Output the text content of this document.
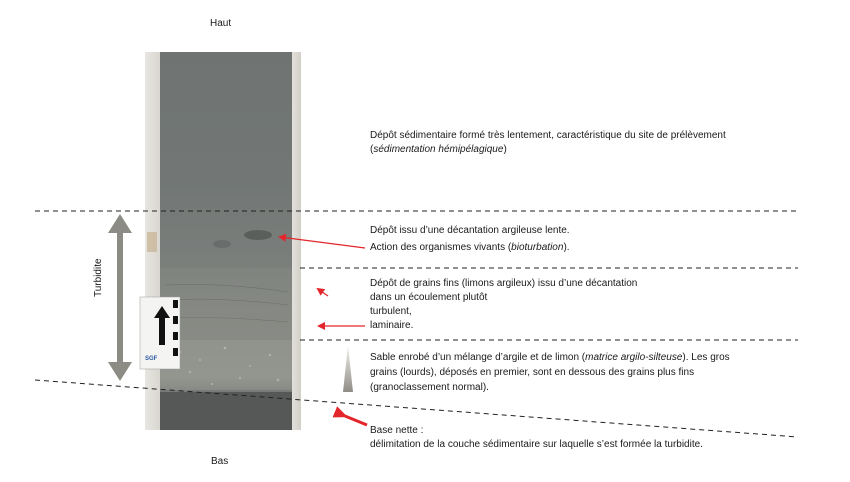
Haut
Bas
Turbidite
SGF
Dépôt sédimentaire formé très lentement, caractéristique du site de prélèvement
(sédimentation hémipélagique)
Dépôt issu d’une décantation argileuse lente.
Action des organismes vivants (bioturbation).
Dépôt de grains fins (limons argileux) issu d’une décantation
dans un écoulement plutôt
turbulent,
laminaire.
Sable enrobé d’un mélange d’argile et de limon (matrice argilo-silteuse). Les gros
grains (lourds), déposés en premier, sont en dessous des grains plus fins
(granoclassement normal).
Base nette :
délimitation de la couche sédimentaire sur laquelle s’est formée la turbidite.
